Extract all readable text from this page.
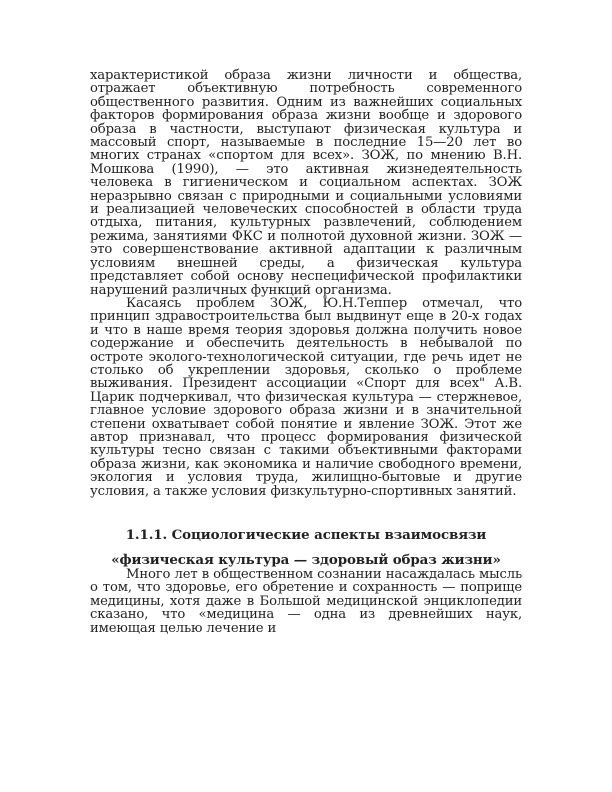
характеристикой образа жизни личности и общества, отражает объективную потребность современного общественного развития. Одним из важнейших социальных факторов формирования образа жизни вообще и здорового образа в частности, выступают физическая культура и массовый спорт, называемые в последние 15—20 лет во многих странах «спортом для всех». ЗОЖ, по мнению В.Н. Мошкова (1990), — это активная жизнедеятельность человека в гигиеническом и социальном аспектах. ЗОЖ неразрывно связан с природными и социальными условиями и реализацией человеческих способностей в области труда отдыха, питания, культурных развлечений, соблюдением режима, занятиями ФКС и полнотой духовной жизни. ЗОЖ — это совершенствование активной адаптации к различным условиям внешней среды, а физическая культура представляет собой основу неспецифической профилактики нарушений различных функций организма.

Касаясь проблем ЗОЖ, Ю.Н.Теппер отмечал, что принцип здравостроительства был выдвинут еще в 20-х годах и что в наше время теория здоровья должна получить новое содержание и обеспечить деятельность в небывалой по остроте эколого-технологической ситуации, где речь идет не столько об укреплении здоровья, сколько о проблеме выживания. Президент ассоциации «Спорт для всех" А.В. Царик подчеркивал, что физическая культура — стержневое, главное условие здорового образа жизни и в значительной степени охватывает собой понятие и явление ЗОЖ. Этот же автор признавал, что процесс формирования физической культуры тесно связан с такими объективными факторами образа жизни, как экономика и наличие свободного времени, экология и условия труда, жилищно-бытовые и другие условия, а также условия физкультурно-спортивных занятий.

1.1.1. Социологические аспекты взаимосвязи

«физическая культура — здоровый образ жизни»

Много лет в общественном сознании насаждалась мысль о том, что здоровье, его обретение и сохранность — поприще медицины, хотя даже в Большой медицинской энциклопедии сказано, что «медицина — одна из древнейших наук, имеющая целью лечение и
